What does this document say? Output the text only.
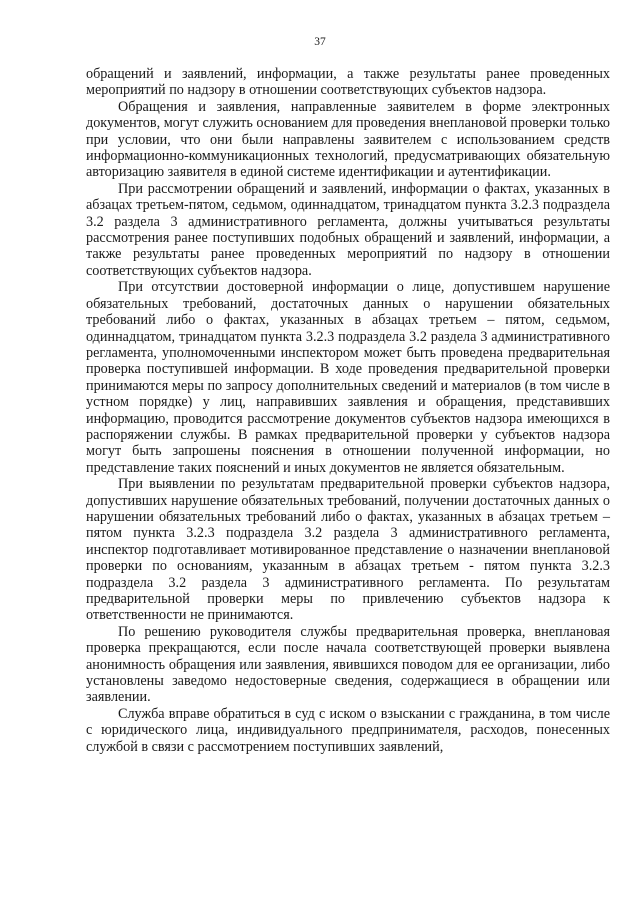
37

обращений и заявлений, информации, а также результаты ранее проведенных мероприятий по надзору в отношении соответствующих субъектов надзора.

Обращения и заявления, направленные заявителем в форме электронных документов, могут служить основанием для проведения внеплановой проверки только при условии, что они были направлены заявителем с использованием средств информационно-коммуникационных технологий, предусматривающих обязательную авторизацию заявителя в единой системе идентификации и аутентификации.

При рассмотрении обращений и заявлений, информации о фактах, указанных в абзацах третьем-пятом, седьмом, одиннадцатом, тринадцатом пункта 3.2.3 подраздела 3.2 раздела 3 административного регламента, должны учитываться результаты рассмотрения ранее поступивших подобных обращений и заявлений, информации, а также результаты ранее проведенных мероприятий по надзору в отношении соответствующих субъектов надзора.

При отсутствии достоверной информации о лице, допустившем нарушение обязательных требований, достаточных данных о нарушении обязательных требований либо о фактах, указанных в абзацах третьем – пятом, седьмом, одиннадцатом, тринадцатом пункта 3.2.3 подраздела 3.2 раздела 3 административного регламента, уполномоченными инспектором может быть проведена предварительная проверка поступившей информации. В ходе проведения предварительной проверки принимаются меры по запросу дополнительных сведений и материалов (в том числе в устном порядке) у лиц, направивших заявления и обращения, представивших информацию, проводится рассмотрение документов субъектов надзора имеющихся в распоряжении службы. В рамках предварительной проверки у субъектов надзора могут быть запрошены пояснения в отношении полученной информации, но представление таких пояснений и иных документов не является обязательным.

При выявлении по результатам предварительной проверки субъектов надзора, допустивших нарушение обязательных требований, получении достаточных данных о нарушении обязательных требований либо о фактах, указанных в абзацах третьем – пятом пункта 3.2.3 подраздела 3.2 раздела 3 административного регламента, инспектор подготавливает мотивированное представление о назначении внеплановой проверки по основаниям, указанным в абзацах третьем - пятом пункта 3.2.3 подраздела 3.2 раздела 3 административного регламента. По результатам предварительной проверки меры по привлечению субъектов надзора к ответственности не принимаются.

По решению руководителя службы предварительная проверка, внеплановая проверка прекращаются, если после начала соответствующей проверки выявлена анонимность обращения или заявления, явившихся поводом для ее организации, либо установлены заведомо недостоверные сведения, содержащиеся в обращении или заявлении.

Служба вправе обратиться в суд с иском о взыскании с гражданина, в том числе с юридического лица, индивидуального предпринимателя, расходов, понесенных службой в связи с рассмотрением поступивших заявлений,
